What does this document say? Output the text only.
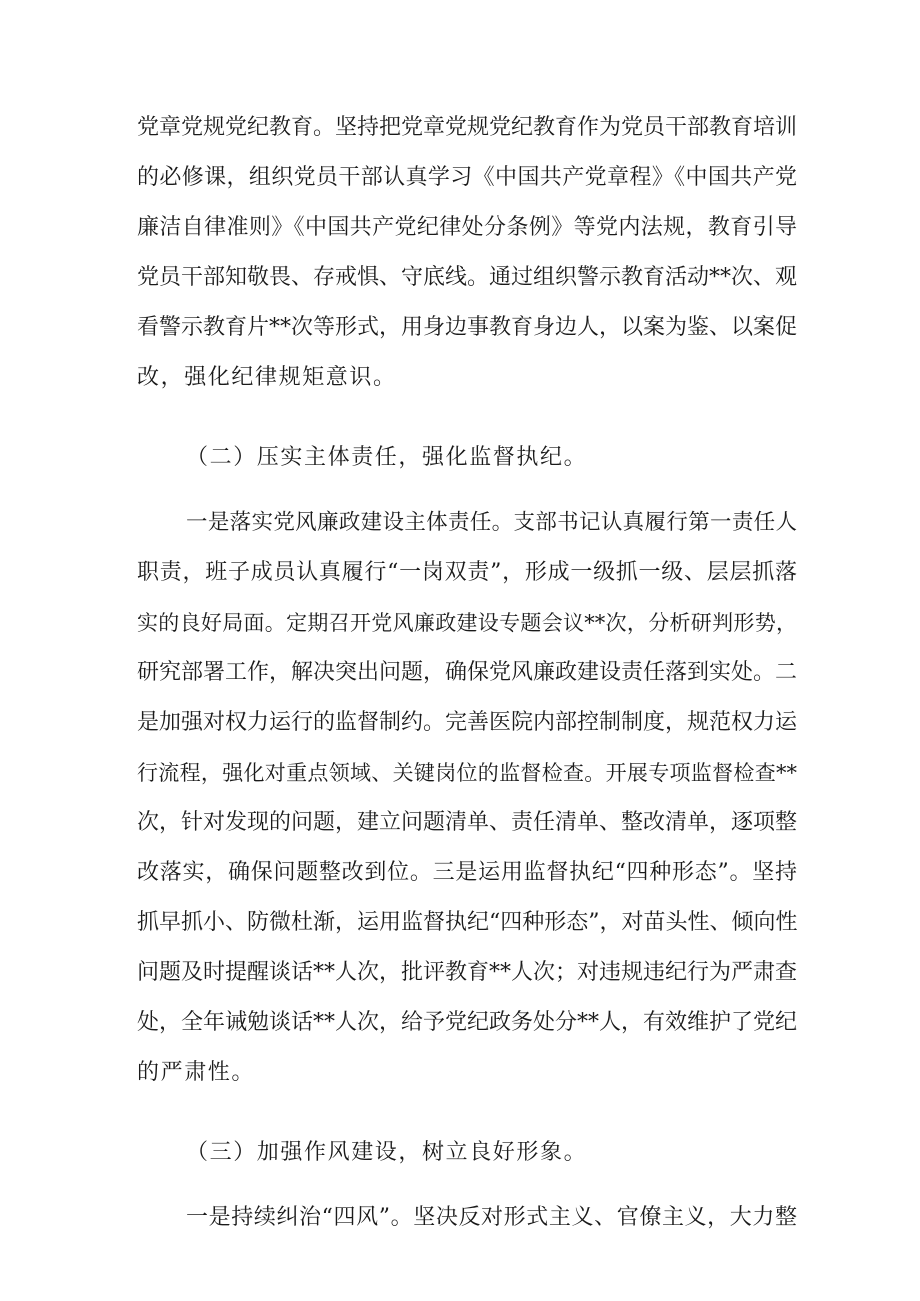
党章党规党纪教育。坚持把党章党规党纪教育作为党员干部教育培训
的必修课，组织党员干部认真学习《中国共产党章程》《中国共产党
廉洁自律准则》《中国共产党纪律处分条例》等党内法规，教育引导
党员干部知敬畏、存戒惧、守底线。通过组织警示教育活动**次、观
看警示教育片**次等形式，用身边事教育身边人，以案为鉴、以案促
改，强化纪律规矩意识。
（二）压实主体责任，强化监督执纪。
一是落实党风廉政建设主体责任。支部书记认真履行第一责任人
职责，班子成员认真履行“一岗双责”，形成一级抓一级、层层抓落
实的良好局面。定期召开党风廉政建设专题会议**次，分析研判形势，
研究部署工作，解决突出问题，确保党风廉政建设责任落到实处。二
是加强对权力运行的监督制约。完善医院内部控制制度，规范权力运
行流程，强化对重点领域、关键岗位的监督检查。开展专项监督检查**
次，针对发现的问题，建立问题清单、责任清单、整改清单，逐项整
改落实，确保问题整改到位。三是运用监督执纪“四种形态”。坚持
抓早抓小、防微杜渐，运用监督执纪“四种形态”，对苗头性、倾向性
问题及时提醒谈话**人次，批评教育**人次；对违规违纪行为严肃查
处，全年诫勉谈话**人次，给予党纪政务处分**人，有效维护了党纪
的严肃性。
（三）加强作风建设，树立良好形象。
一是持续纠治“四风”。坚决反对形式主义、官僚主义，大力整
